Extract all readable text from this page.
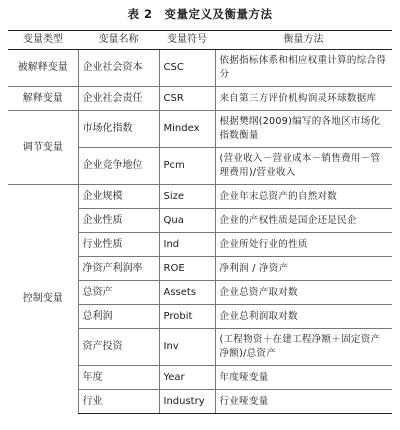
表 2　变量定义及衡量方法
变量类型	变量名称	变量符号	衡量方法
被解释变量	企业社会资本	CSC	依据指标体系和相应权重计算的综合得分
解释变量	企业社会责任	CSR	来自第三方评价机构润灵环球数据库
调节变量	市场化指数	Mindex	根据樊纲(2009)编写的各地区市场化指数衡量
	企业竞争地位	Pcm	(营业收入－营业成本－销售费用－管理费用)/营业收入
控制变量	企业规模	Size	企业年末总资产的自然对数
	企业性质	Qua	企业的产权性质是国企还是民企
	行业性质	Ind	企业所处行业的性质
	净资产利润率	ROE	净利润 / 净资产
	总资产	Assets	企业总资产取对数
	总利润	Probit	企业总利润取对数
	资产投资	Inv	(工程物资＋在建工程净额＋固定资产净额)/总资产
	年度	Year	年度哑变量
	行业	Industry	行业哑变量
